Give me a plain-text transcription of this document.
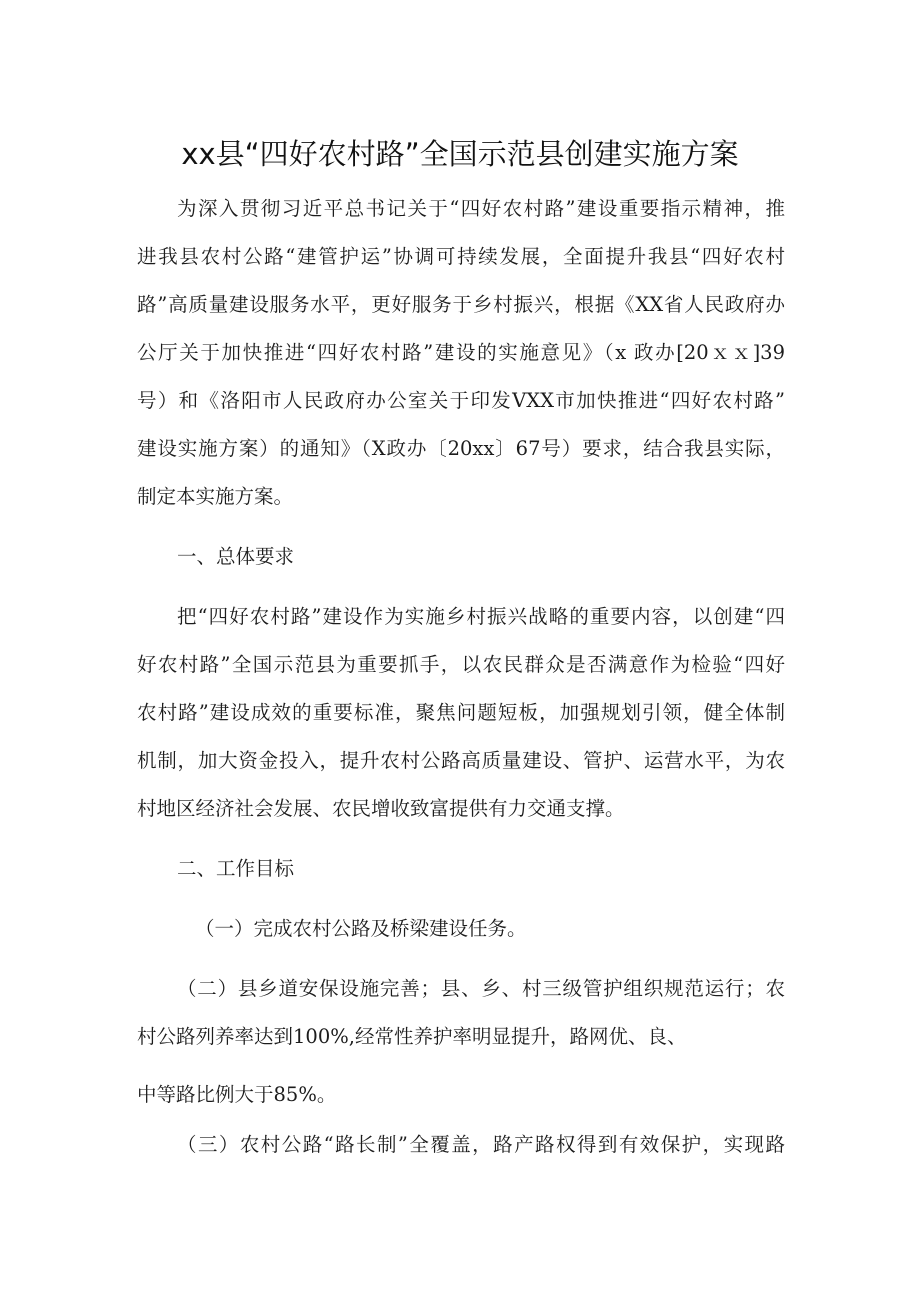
xx县“四好农村路”全国示范县创建实施方案
为深入贯彻习近平总书记关于“四好农村路”建设重要指示精神，推
进我县农村公路“建管护运”协调可持续发展，全面提升我县“四好农村
路”高质量建设服务水平，更好服务于乡村振兴，根据《XX省人民政府办
公厅关于加快推进“四好农村路”建设的实施意见》（x 政办[20ｘｘ]39
号）和《洛阳市人民政府办公室关于印发VXX市加快推进“四好农村路”
建设实施方案）的通知》（X政办〔20xx〕67号）要求，结合我县实际，
制定本实施方案。
一、总体要求
把“四好农村路”建设作为实施乡村振兴战略的重要内容，以创建“四
好农村路”全国示范县为重要抓手，以农民群众是否满意作为检验“四好
农村路”建设成效的重要标准，聚焦问题短板，加强规划引领，健全体制
机制，加大资金投入，提升农村公路高质量建设、管护、运营水平，为农
村地区经济社会发展、农民增收致富提供有力交通支撑。
二、工作目标
（一）完成农村公路及桥梁建设任务。
（二）县乡道安保设施完善；县、乡、村三级管护组织规范运行；农
村公路列养率达到100%,经常性养护率明显提升，路网优、良、
中等路比例大于85%。
（三）农村公路“路长制”全覆盖，路产路权得到有效保护，实现路
